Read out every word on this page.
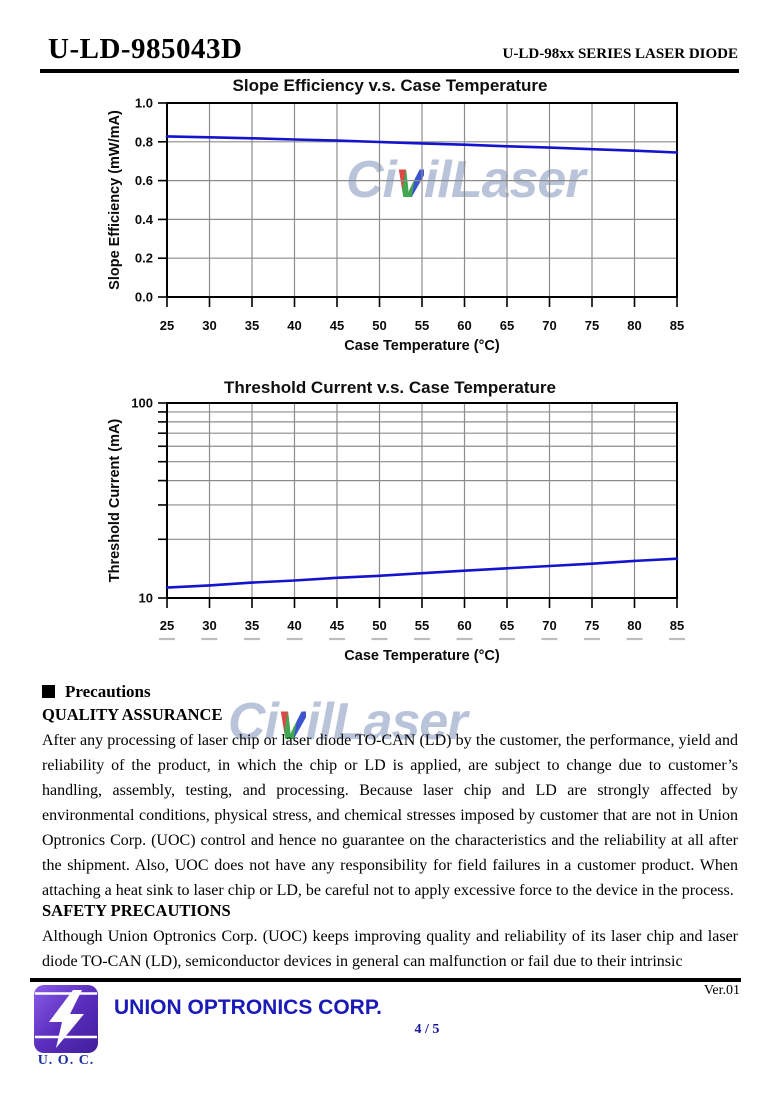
U-LD-985043D	U-LD-98xx SERIES LASER DIODE
CivilLaser
CivilLaser
25 30 35 40 45 50 55 60 65 70 75 80 85
0.0
0.2
0.4
0.6
0.8
1.0
Slope Efficiency v.s. Case Temperature
Case Temperature (°C)
Slope Efficiency (mW/mA)
25 30 35 40 45 50 55 60 65 70 75 80 85
10
100
Threshold Current v.s. Case Temperature
Case Temperature (°C)
Threshold Current (mA)
Precautions
QUALITY ASSURANCE

After any processing of laser chip or laser diode TO-CAN (LD) by the customer, the performance, yield and reliability of the product, in which the chip or LD is applied, are subject to change due to customer’s handling, assembly, testing, and processing. Because laser chip and LD are strongly affected by environmental conditions, physical stress, and chemical stresses imposed by customer that are not in Union Optronics Corp. (UOC) control and hence no guarantee on the characteristics and the reliability at all after the shipment. Also, UOC does not have any responsibility for field failures in a customer product. When attaching a heat sink to laser chip or LD, be careful not to apply excessive force to the device in the process.

SAFETY PRECAUTIONS

Although Union Optronics Corp. (UOC) keeps improving quality and reliability of its laser chip and laser diode TO-CAN (LD), semiconductor devices in general can malfunction or fail due to their intrinsic

Ver.01
U. O. C.
UNION OPTRONICS CORP.
4 / 5
